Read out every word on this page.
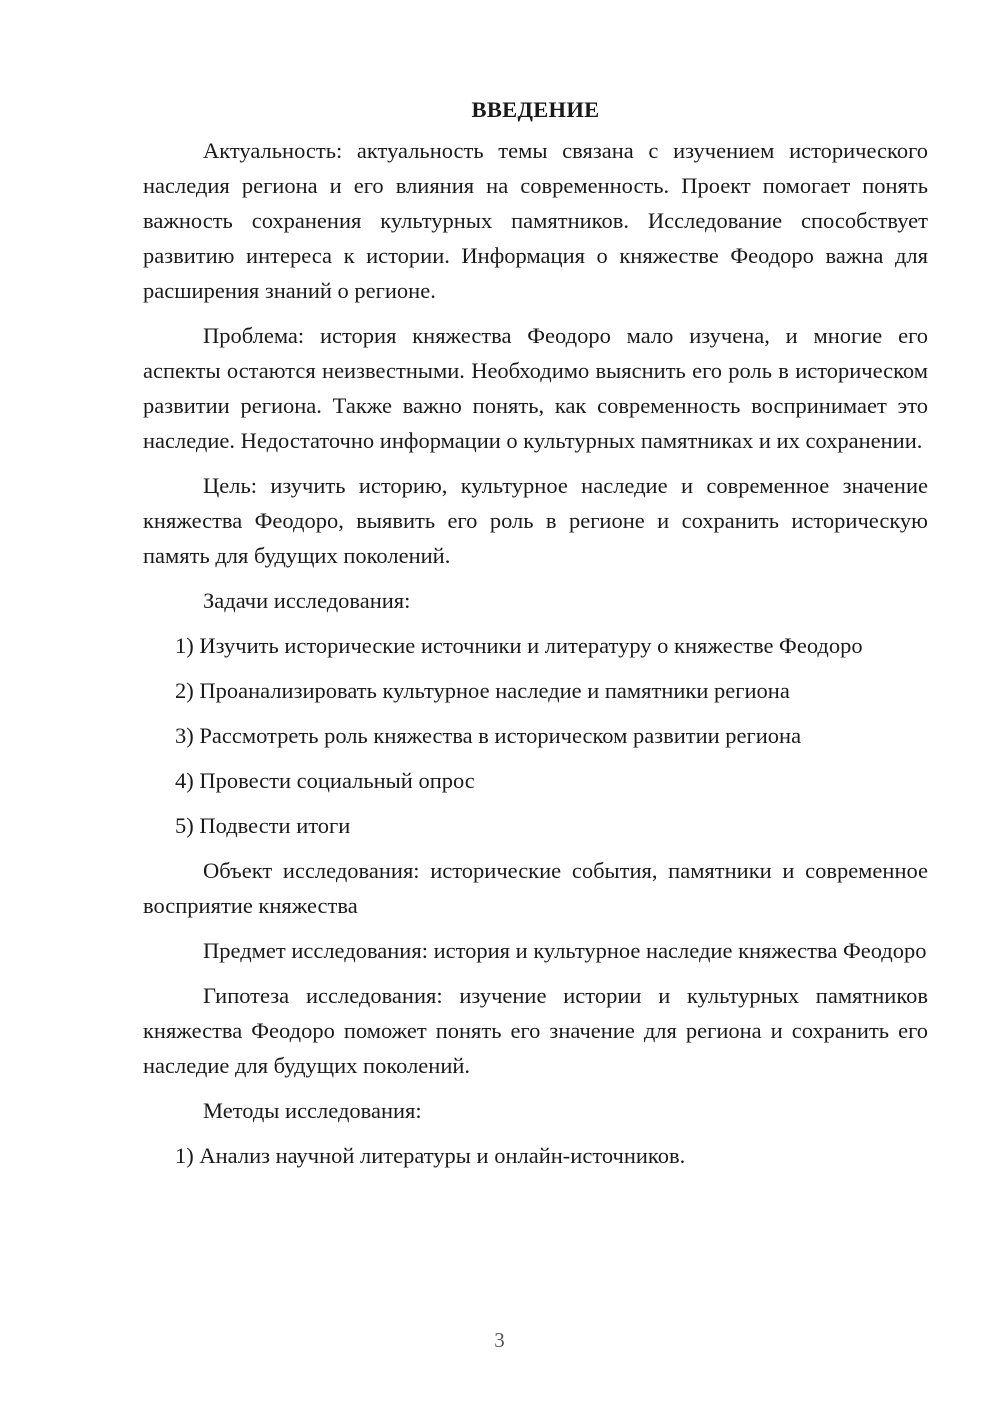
ВВЕДЕНИЕ

Актуальность: актуальность темы связана с изучением исторического наследия региона и его влияния на современность. Проект помогает понять важность сохранения культурных памятников. Исследование способствует развитию интереса к истории. Информация о княжестве Феодоро важна для расширения знаний о регионе.

Проблема: история княжества Феодоро мало изучена, и многие его аспекты остаются неизвестными. Необходимо выяснить его роль в историческом развитии региона. Также важно понять, как современность воспринимает это наследие. Недостаточно информации о культурных памятниках и их сохранении.

Цель: изучить историю, культурное наследие и современное значение княжества Феодоро, выявить его роль в регионе и сохранить историческую память для будущих поколений.

Задачи исследования:

1) Изучить исторические источники и литературу о княжестве Феодоро

2) Проанализировать культурное наследие и памятники региона

3) Рассмотреть роль княжества в историческом развитии региона

4) Провести социальный опрос

5) Подвести итоги

Объект исследования: исторические события, памятники и современное восприятие княжества

Предмет исследования: история и культурное наследие княжества Феодоро

Гипотеза исследования: изучение истории и культурных памятников княжества Феодоро поможет понять его значение для региона и сохранить его наследие для будущих поколений.

Методы исследования:

1) Анализ научной литературы и онлайн-источников.

3
